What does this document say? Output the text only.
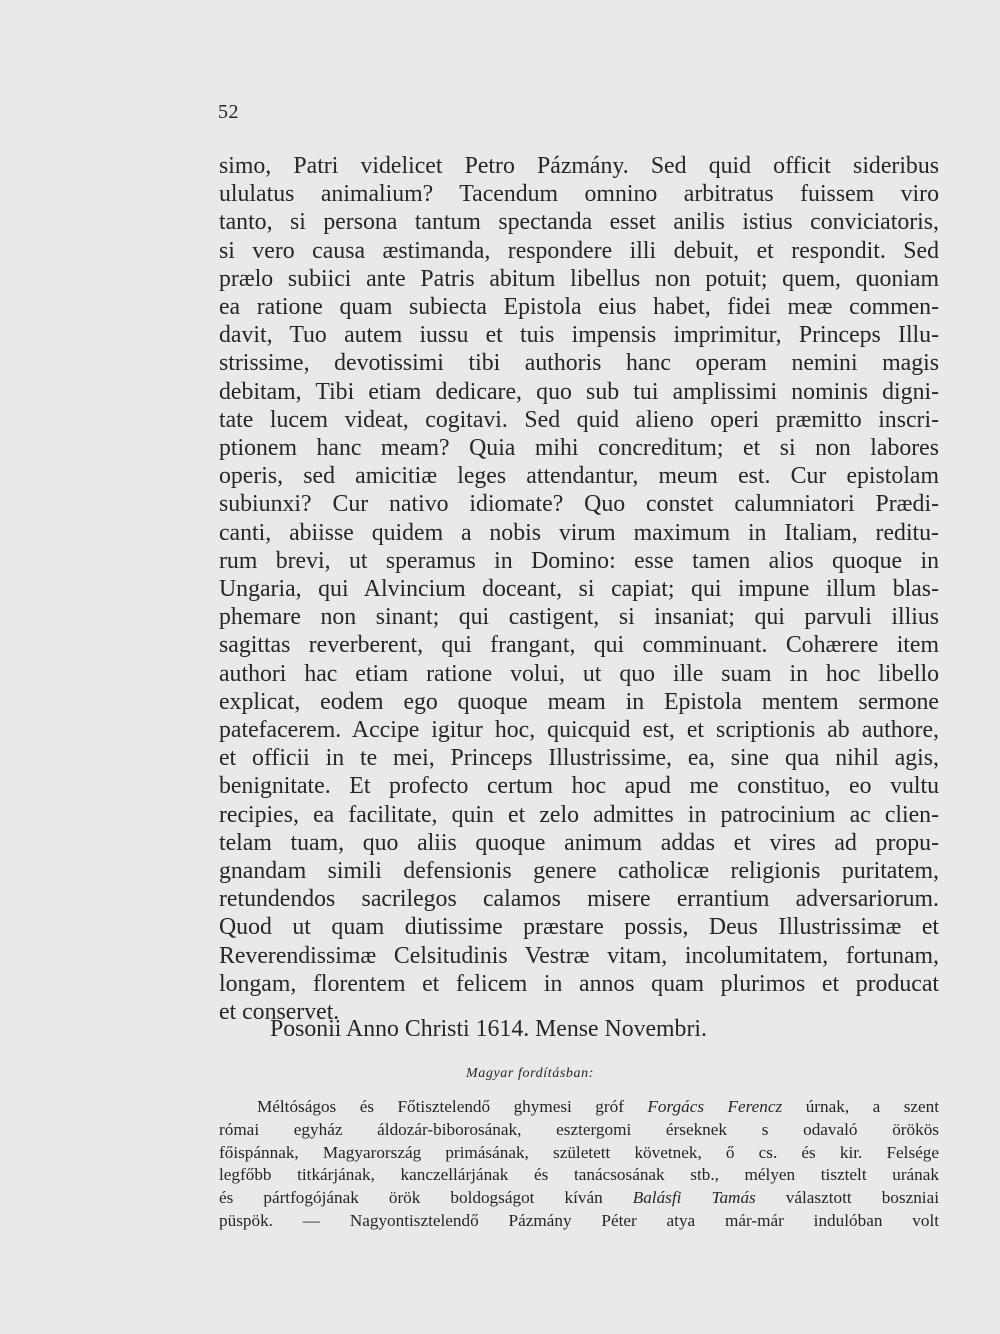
52
simo, Patri videlicet Petro Pázmány. Sed quid officit sideribus
ululatus animalium? Tacendum omnino arbitratus fuissem viro
tanto, si persona tantum spectanda esset anilis istius conviciatoris,
si vero causa æstimanda, respondere illi debuit, et respondit. Sed
prælo subiici ante Patris abitum libellus non potuit; quem, quoniam
ea ratione quam subiecta Epistola eius habet, fidei meæ commen-
davit, Tuo autem iussu et tuis impensis imprimitur, Princeps Illu-
strissime, devotissimi tibi authoris hanc operam nemini magis
debitam, Tibi etiam dedicare, quo sub tui amplissimi nominis digni-
tate lucem videat, cogitavi. Sed quid alieno operi præmitto inscri-
ptionem hanc meam? Quia mihi concreditum; et si non labores
operis, sed amicitiæ leges attendantur, meum est. Cur epistolam
subiunxi? Cur nativo idiomate? Quo constet calumniatori Prædi-
canti, abiisse quidem a nobis virum maximum in Italiam, reditu-
rum brevi, ut speramus in Domino: esse tamen alios quoque in
Ungaria, qui Alvincium doceant, si capiat; qui impune illum blas-
phemare non sinant; qui castigent, si insaniat; qui parvuli illius
sagittas reverberent, qui frangant, qui comminuant. Cohærere item
authori hac etiam ratione volui, ut quo ille suam in hoc libello
explicat, eodem ego quoque meam in Epistola mentem sermone
patefacerem. Accipe igitur hoc, quicquid est, et scriptionis ab authore,
et officii in te mei, Princeps Illustrissime, ea, sine qua nihil agis,
benignitate. Et profecto certum hoc apud me constituo, eo vultu
recipies, ea facilitate, quin et zelo admittes in patrocinium ac clien-
telam tuam, quo aliis quoque animum addas et vires ad propu-
gnandam simili defensionis genere catholicæ religionis puritatem,
retundendos sacrilegos calamos misere errantium adversariorum.
Quod ut quam diutissime præstare possis, Deus Illustrissimæ et
Reverendissimæ Celsitudinis Vestræ vitam, incolumitatem, fortunam,
longam, florentem et felicem in annos quam plurimos et producat
et conservet.
Posonii Anno Christi 1614. Mense Novembri.
Magyar fordításban:
Méltóságos és Főtisztelendő ghymesi gróf Forgács Ferencz úrnak, a szent
római egyház áldozár-biborosának, esztergomi érseknek s odavaló örökös
főispánnak, Magyarország primásának, született követnek, ő cs. és kir. Felsége
legfőbb titkárjának, kanczellárjának és tanácsosának stb., mélyen tisztelt urának
és pártfogójának örök boldogságot kíván Balásfi Tamás választott boszniai
püspök. — Nagyontisztelendő Pázmány Péter atya már-már indulóban volt
